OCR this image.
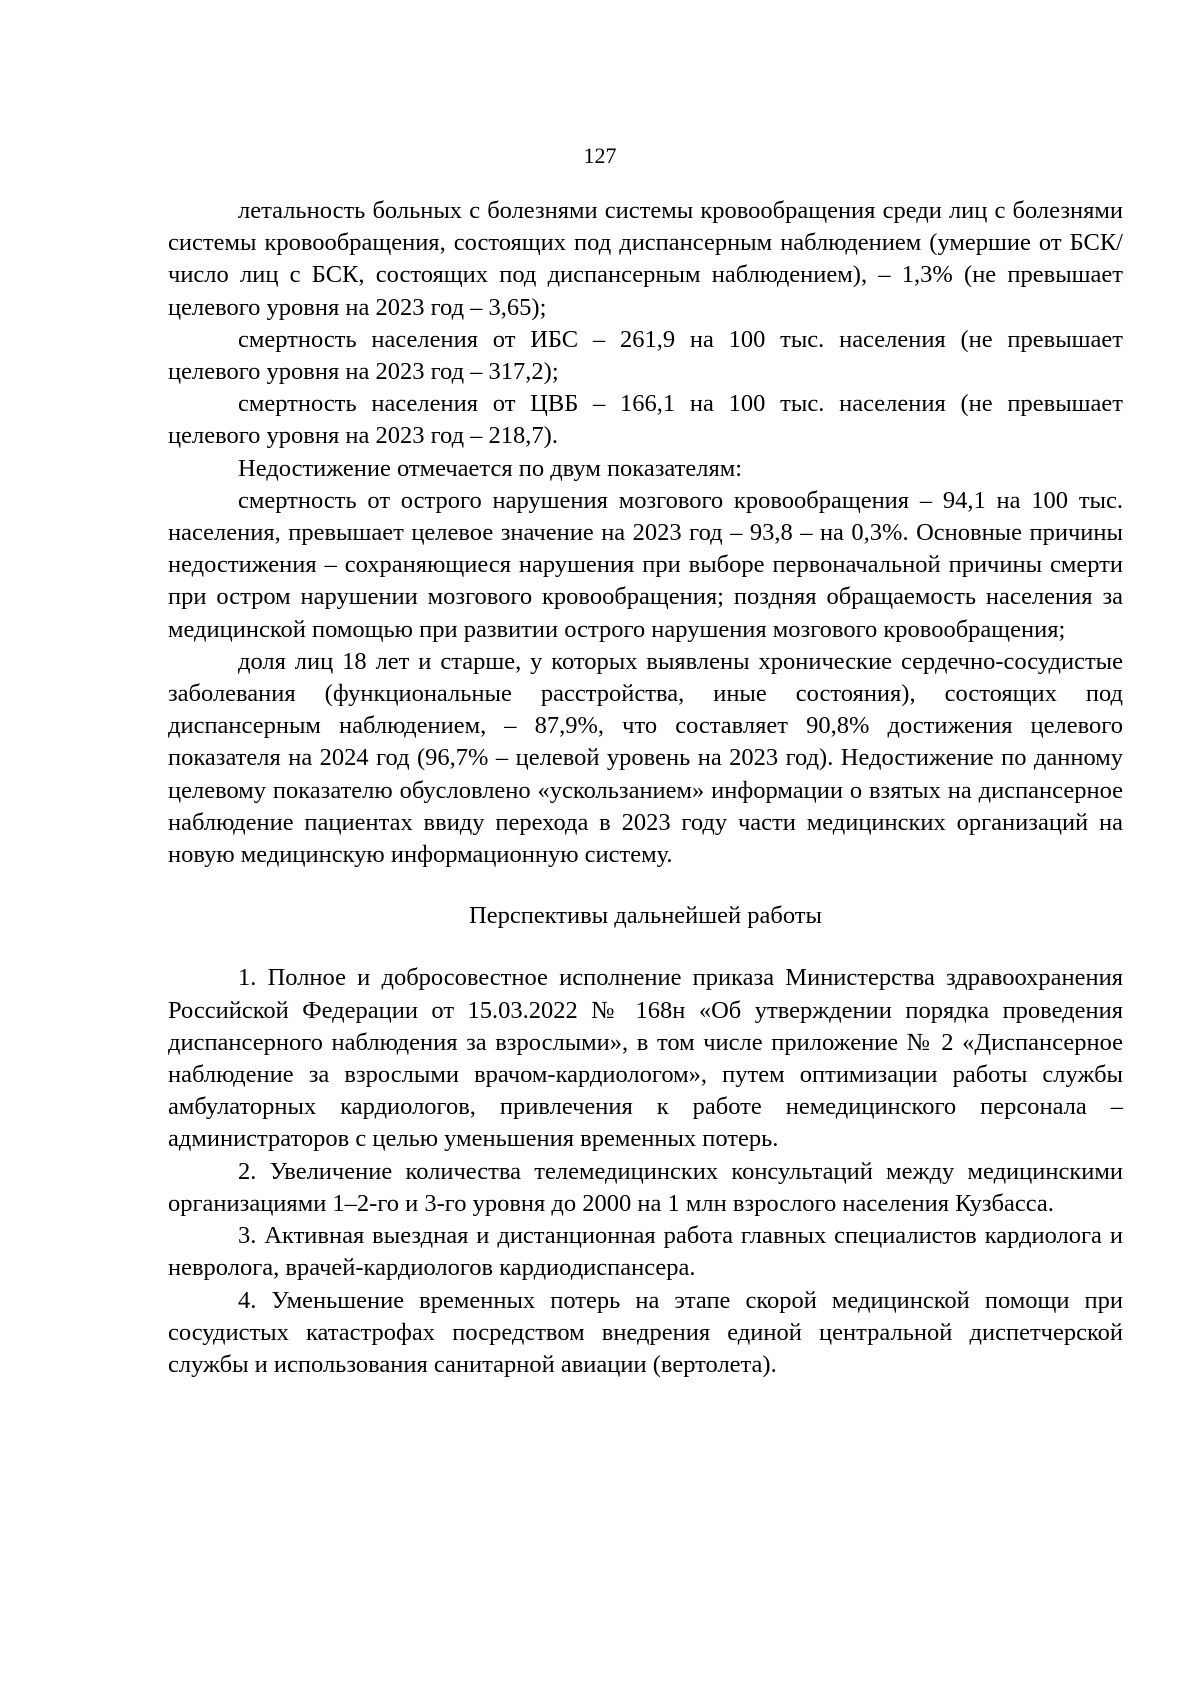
127

летальность больных с болезнями системы кровообращения среди лиц с болезнями системы кровообращения, состоящих под диспансерным наблюдением (умершие от БСК/число лиц с БСК, состоящих под диспансерным наблюдением), – 1,3% (не превышает целевого уровня на 2023 год – 3,65);

смертность населения от ИБС – 261,9 на 100 тыс. населения (не превышает целевого уровня на 2023 год – 317,2);

смертность населения от ЦВБ – 166,1 на 100 тыс. населения (не превышает целевого уровня на 2023 год – 218,7).

Недостижение отмечается по двум показателям:

смертность от острого нарушения мозгового кровообращения – 94,1 на 100 тыс. населения, превышает целевое значение на 2023 год – 93,8 – на 0,3%. Основные причины недостижения – сохраняющиеся нарушения при выборе первоначальной причины смерти при остром нарушении мозгового кровообращения; поздняя обращаемость населения за медицинской помощью при развитии острого нарушения мозгового кровообращения;

доля лиц 18 лет и старше, у которых выявлены хронические сердечно-сосудистые заболевания (функциональные расстройства, иные состояния), состоящих под диспансерным наблюдением, – 87,9%, что составляет 90,8% достижения целевого показателя на 2024 год (96,7% – целевой уровень на 2023 год). Недостижение по данному целевому показателю обусловлено «ускользанием» информации о взятых на диспансерное наблюдение пациентах ввиду перехода в 2023 году части медицинских организаций на новую медицинскую информационную систему.

Перспективы дальнейшей работы

1. Полное и добросовестное исполнение приказа Министерства здравоохранения Российской Федерации от 15.03.2022 № 168н «Об утверждении порядка проведения диспансерного наблюдения за взрослыми», в том числе приложение № 2 «Диспансерное наблюдение за взрослыми врачом-кардиологом», путем оптимизации работы службы амбулаторных кардиологов, привлечения к работе немедицинского персонала – администраторов с целью уменьшения временных потерь.

2. Увеличение количества телемедицинских консультаций между медицинскими организациями 1–2-го и 3-го уровня до 2000 на 1 млн взрослого населения Кузбасса.

3. Активная выездная и дистанционная работа главных специалистов кардиолога и невролога, врачей-кардиологов кардиодиспансера.

4. Уменьшение временных потерь на этапе скорой медицинской помощи при сосудистых катастрофах посредством внедрения единой центральной диспетчерской службы и использования санитарной авиации (вертолета).
